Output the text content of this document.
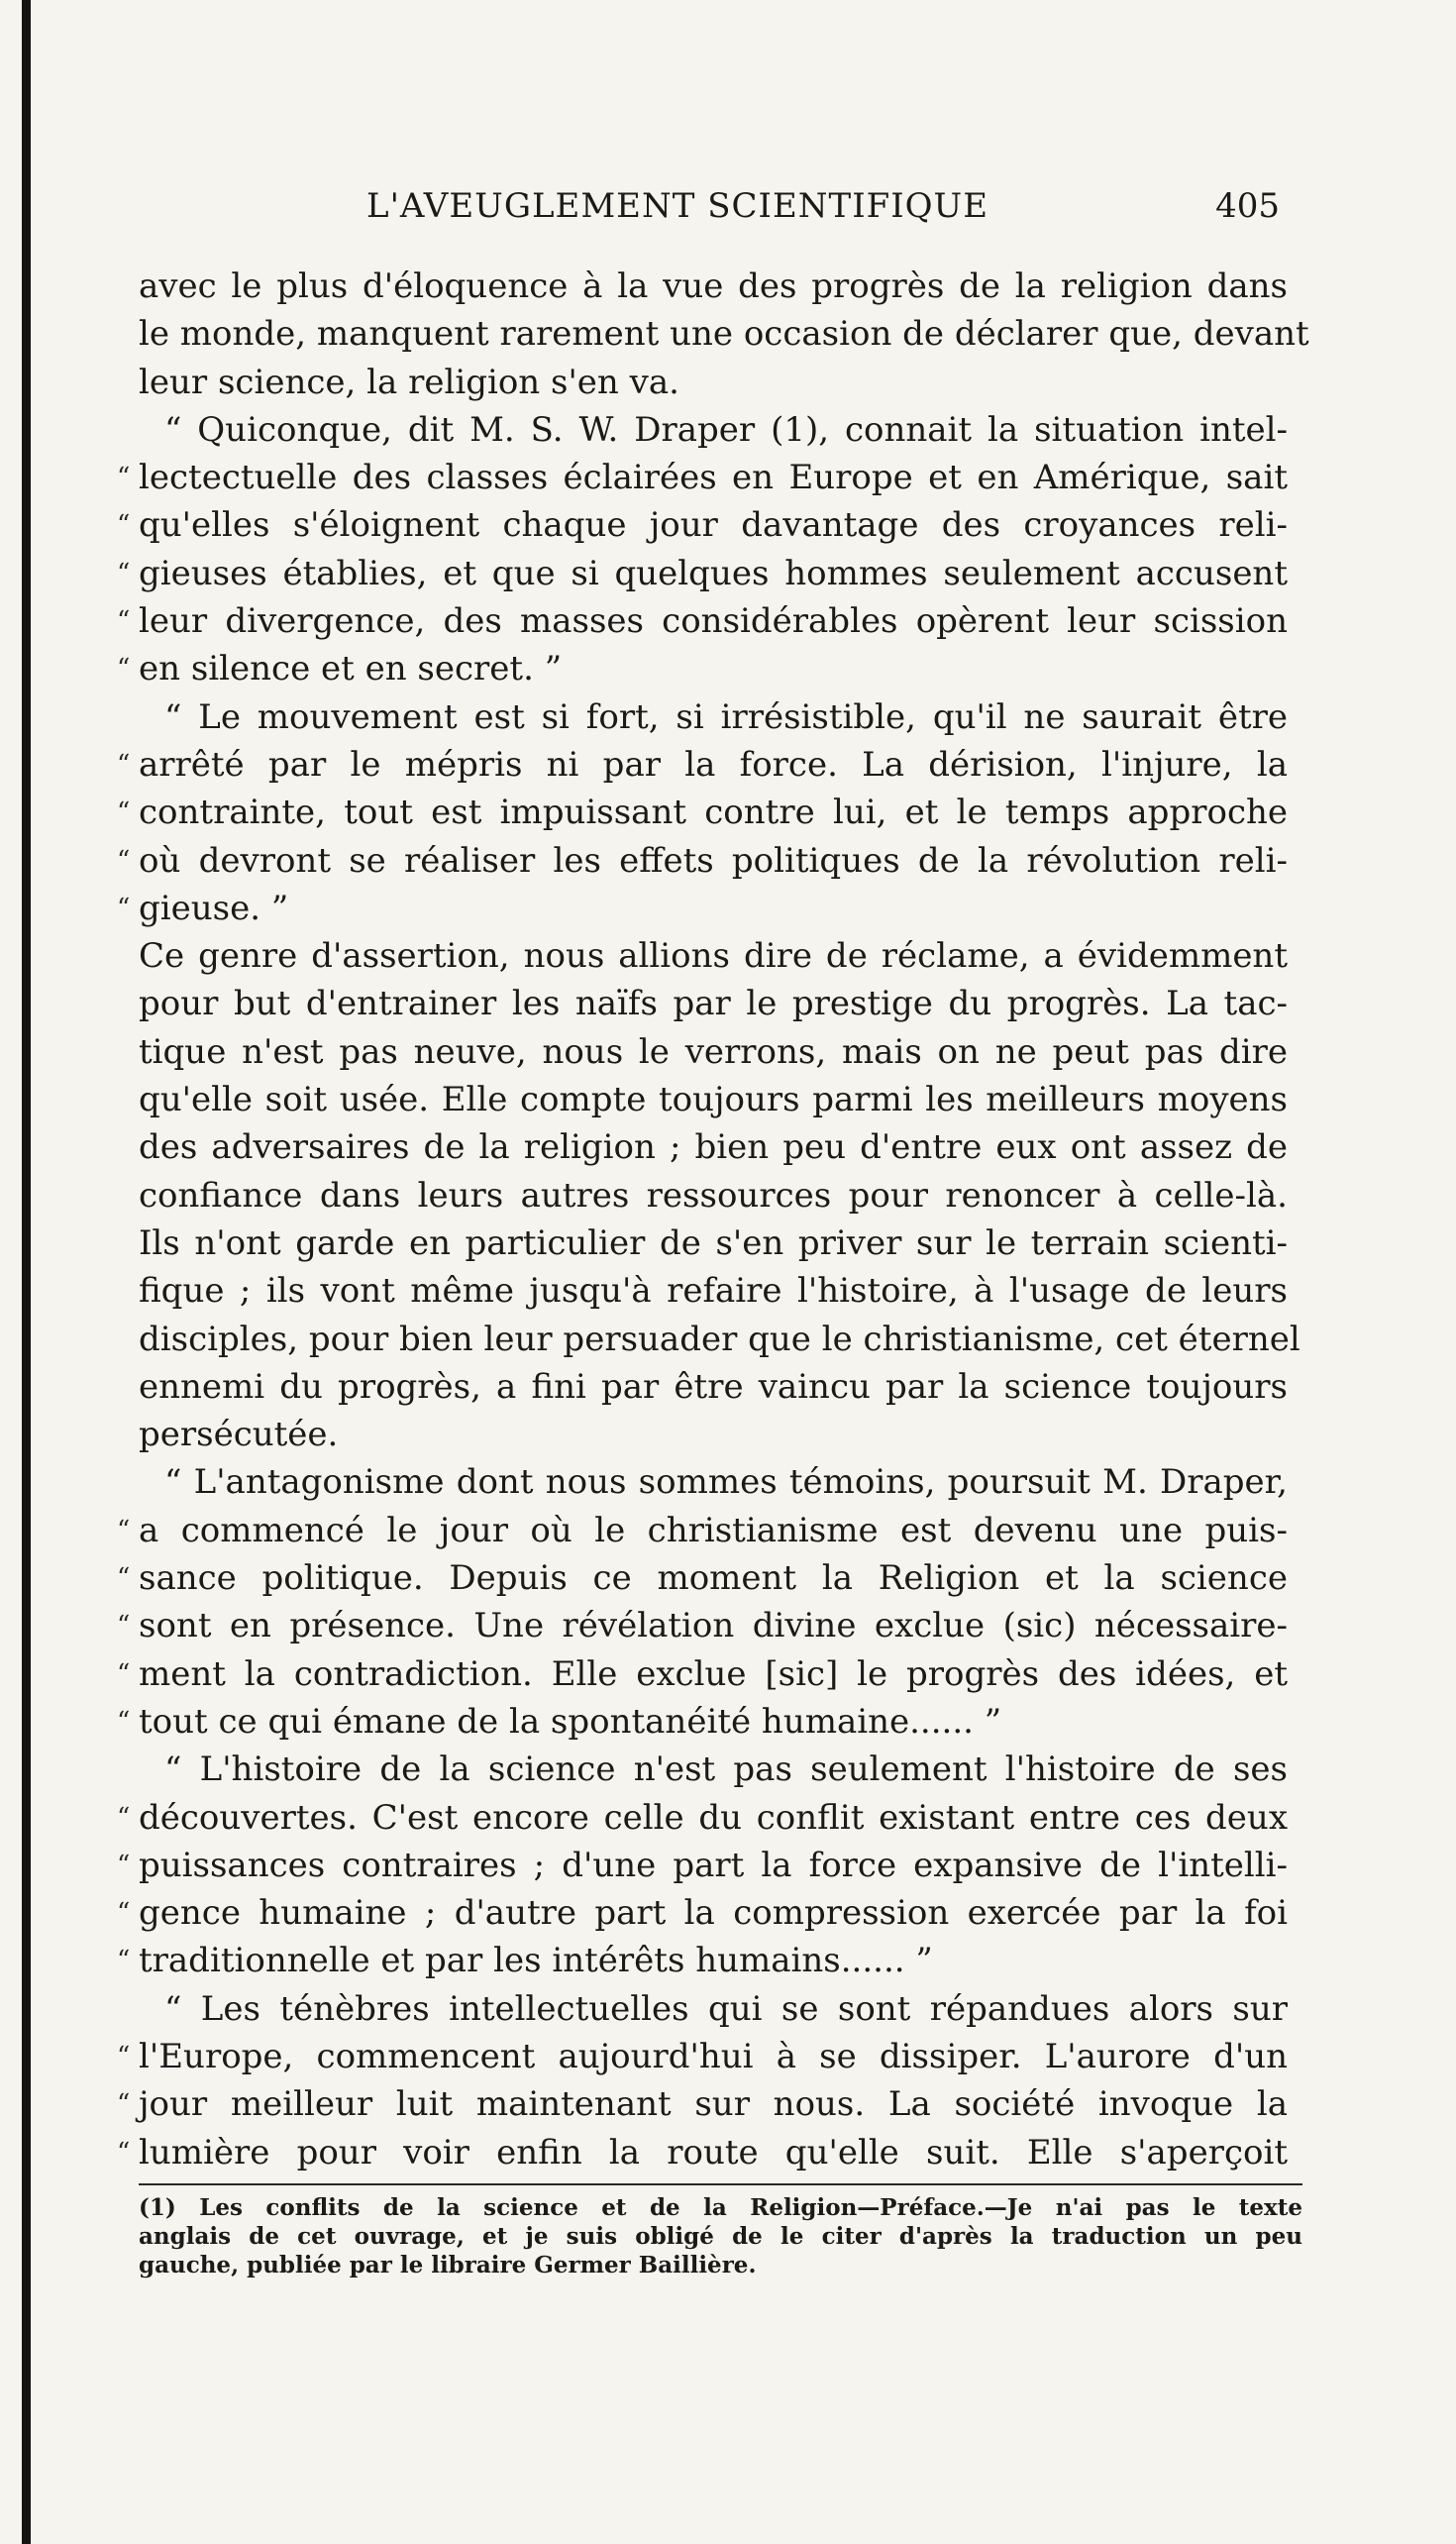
L'AVEUGLEMENT SCIENTIFIQUE	405
avec le plus d'éloquence à la vue des progrès de la religion dans
le monde, manquent rarement une occasion de déclarer que, devant
leur science, la religion s'en va.
“ Quiconque, dit M. S. W. Draper (1), connait la situation intel-
“ lectectuelle des classes éclairées en Europe et en Amérique, sait
“ qu'elles s'éloignent chaque jour davantage des croyances reli-
“ gieuses établies, et que si quelques hommes seulement accusent
“ leur divergence, des masses considérables opèrent leur scission
“ en silence et en secret. ”
“ Le mouvement est si fort, si irrésistible, qu'il ne saurait être
“ arrêté par le mépris ni par la force. La dérision, l'injure, la
“ contrainte, tout est impuissant contre lui, et le temps approche
“ où devront se réaliser les effets politiques de la révolution reli-
“ gieuse. ”
Ce genre d'assertion, nous allions dire de réclame, a évidemment
pour but d'entrainer les naïfs par le prestige du progrès. La tac-
tique n'est pas neuve, nous le verrons, mais on ne peut pas dire
qu'elle soit usée. Elle compte toujours parmi les meilleurs moyens
des adversaires de la religion ; bien peu d'entre eux ont assez de
confiance dans leurs autres ressources pour renoncer à celle-là.
Ils n'ont garde en particulier de s'en priver sur le terrain scienti-
fique ; ils vont même jusqu'à refaire l'histoire, à l'usage de leurs
disciples, pour bien leur persuader que le christianisme, cet éternel
ennemi du progrès, a fini par être vaincu par la science toujours
persécutée.
“ L'antagonisme dont nous sommes témoins, poursuit M. Draper,
“ a commencé le jour où le christianisme est devenu une puis-
“ sance politique. Depuis ce moment la Religion et la science
“ sont en présence. Une révélation divine exclue (sic) nécessaire-
“ ment la contradiction. Elle exclue [sic] le progrès des idées, et
“ tout ce qui émane de la spontanéité humaine...... ”
“ L'histoire de la science n'est pas seulement l'histoire de ses
“ découvertes. C'est encore celle du conflit existant entre ces deux
“ puissances contraires ; d'une part la force expansive de l'intelli-
“ gence humaine ; d'autre part la compression exercée par la foi
“ traditionnelle et par les intérêts humains...... ”
“ Les ténèbres intellectuelles qui se sont répandues alors sur
“ l'Europe, commencent aujourd'hui à se dissiper. L'aurore d'un
“ jour meilleur luit maintenant sur nous. La société invoque la
“ lumière pour voir enfin la route qu'elle suit. Elle s'aperçoit
(1) Les conflits de la science et de la Religion—Préface.—Je n'ai pas le texte
anglais de cet ouvrage, et je suis obligé de le citer d'après la traduction un peu
gauche, publiée par le libraire Germer Baillière.
